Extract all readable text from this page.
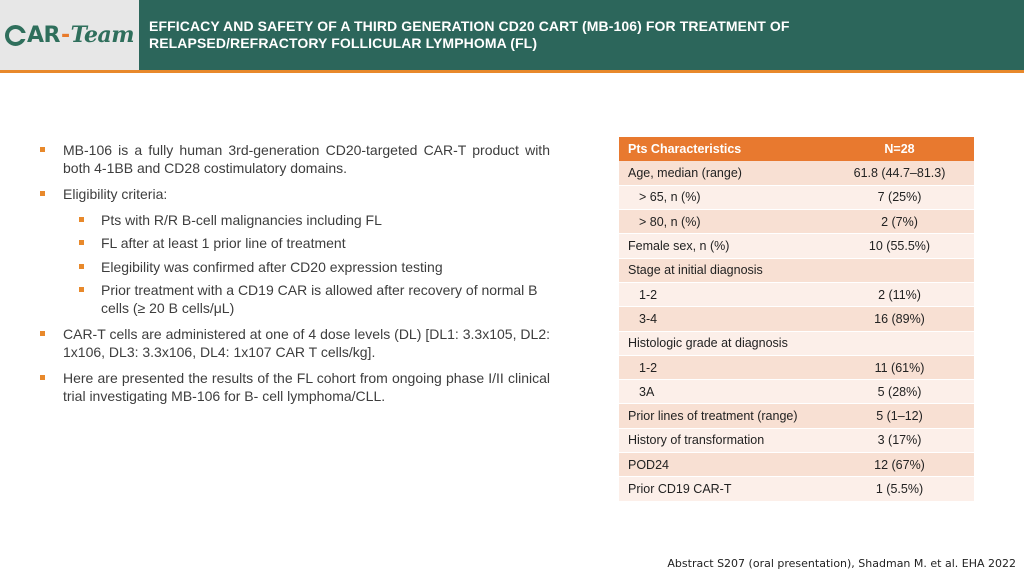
AR - Team EFFICACY AND SAFETY OF A THIRD GENERATION CD20 CART (MB-106) FOR TREATMENT OF
RELAPSED/REFRACTORY FOLLICULAR LYMPHOMA (FL)
MB-106 is a fully human 3rd-generation CD20-targeted CAR-T product with both 4-1BB and CD28 costimulatory domains.
Eligibility criteria:
Pts with R/R B-cell malignancies including FL
FL after at least 1 prior line of treatment
Elegibility was confirmed after CD20 expression testing
Prior treatment with a CD19 CAR is allowed after recovery of normal B cells (≥ 20 B cells/μL)
CAR-T cells are administered at one of 4 dose levels (DL) [DL1: 3.3x105, DL2: 1x106, DL3: 3.3x106, DL4: 1x107 CAR T cells/kg].
Here are presented the results of the FL cohort from ongoing phase I/II clinical trial investigating MB-106 for B- cell lymphoma/CLL.
Pts Characteristics	N=28
Age, median (range)	61.8 (44.7–81.3)
> 65, n (%)	7 (25%)
> 80, n (%)	2 (7%)
Female sex, n (%)	10 (55.5%)
Stage at initial diagnosis	
1-2	2 (11%)
3-4	16 (89%)
Histologic grade at diagnosis	
1-2	11 (61%)
3A	5 (28%)
Prior lines of treatment (range)	5 (1–12)
History of transformation	3 (17%)
POD24	12 (67%)
Prior CD19 CAR-T	1 (5.5%)
Abstract S207 (oral presentation), Shadman M. et al. EHA 2022
